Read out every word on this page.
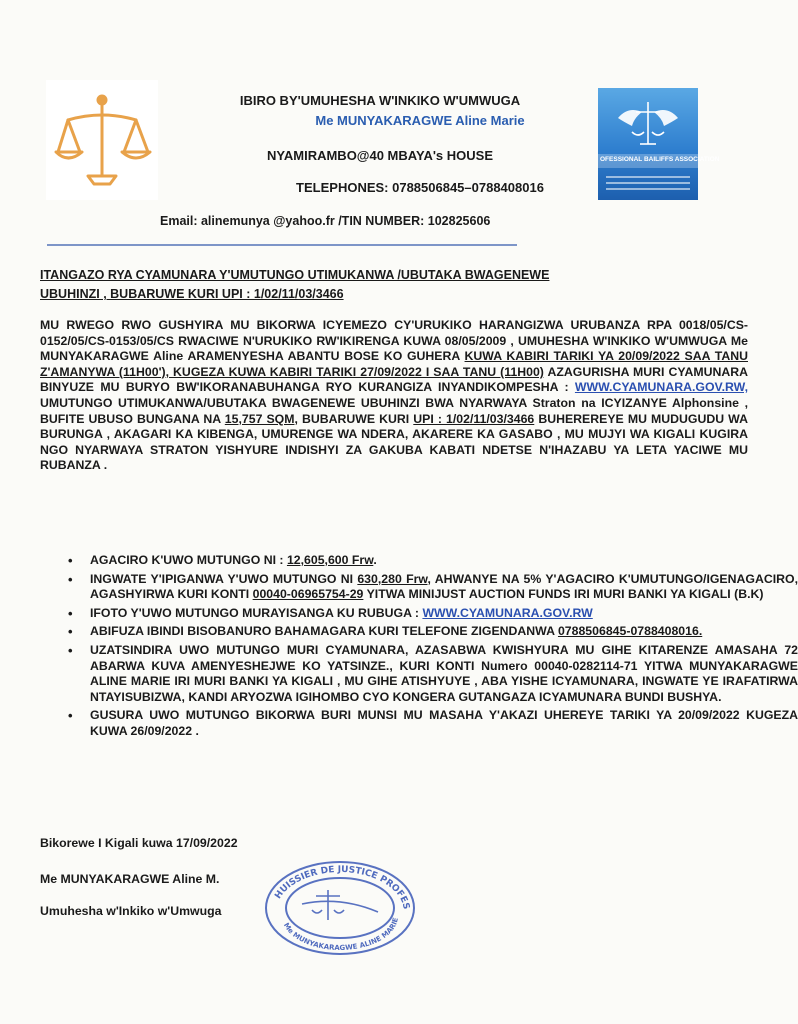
OFESSIONAL BAILIFFS ASSOCIATION
IBIRO BY'UMUHESHA W'INKIKO W'UMWUGA
Me MUNYAKARAGWE Aline Marie
NYAMIRAMBO@40 MBAYA's HOUSE
TELEPHONES: 0788506845–0788408016
Email: alinemunya @yahoo.fr /TIN NUMBER: 102825606
ITANGAZO RYA CYAMUNARA Y'UMUTUNGO UTIMUKANWA /UBUTAKA BWAGENEWE
UBUHINZI , BUBARUWE KURI UPI : 1/02/11/03/3466
MU RWEGO RWO GUSHYIRA MU BIKORWA ICYEMEZO CY'URUKIKO HARANGIZWA URUBANZA RPA 0018/05/CS-0152/05/CS-0153/05/CS RWACIWE N'URUKIKO RW'IKIRENGA KUWA 08/05/2009 , UMUHESHA W'INKIKO W'UMWUGA Me MUNYAKARAGWE Aline ARAMENYESHA ABANTU BOSE KO GUHERA KUWA KABIRI TARIKI YA 20/09/2022 SAA TANU Z'AMANYWA (11H00'), KUGEZA KUWA KABIRI TARIKI 27/09/2022 I SAA TANU (11H00) AZAGURISHA MURI CYAMUNARA BINYUZE MU BURYO BW'IKORANABUHANGA RYO KURANGIZA INYANDIKOMPESHA : WWW.CYAMUNARA.GOV.RW, UMUTUNGO UTIMUKANWA/UBUTAKA BWAGENEWE UBUHINZI BWA NYARWAYA Straton na ICYIZANYE Alphonsine , BUFITE UBUSO BUNGANA NA 15,757 SQM, BUBARUWE KURI UPI : 1/02/11/03/3466 BUHEREREYE MU MUDUGUDU WA BURUNGA , AKAGARI KA KIBENGA, UMURENGE WA NDERA, AKARERE KA GASABO , MU MUJYI WA KIGALI KUGIRA NGO NYARWAYA STRATON YISHYURE INDISHYI ZA GAKUBA KABATI NDETSE N'IHAZABU YA LETA YACIWE MU RUBANZA .
• AGACIRO K'UWO MUTUNGO NI : 12,605,600 Frw.
• INGWATE Y'IPIGANWA Y'UWO MUTUNGO NI 630,280 Frw, AHWANYE NA 5% Y'AGACIRO K'UMUTUNGO/IGENAGACIRO, AGASHYIRWA KURI KONTI 00040-06965754-29 YITWA MINIJUST AUCTION FUNDS IRI MURI BANKI YA KIGALI (B.K)
• IFOTO Y'UWO MUTUNGO MURAYISANGA KU RUBUGA : WWW.CYAMUNARA.GOV.RW
• ABIFUZA IBINDI BISOBANURO BAHAMAGARA KURI TELEFONE ZIGENDANWA 0788506845-0788408016.
• UZATSINDIRA UWO MUTUNGO MURI CYAMUNARA, AZASABWA KWISHYURA MU GIHE KITARENZE AMASAHA 72 ABARWA KUVA AMENYESHEJWE KO YATSINZE., KURI KONTI Numero 00040-0282114-71 YITWA MUNYAKARAGWE ALINE MARIE IRI MURI BANKI YA KIGALI , MU GIHE ATISHYUYE , ABA YISHE ICYAMUNARA, INGWATE YE IRAFATIRWA NTAYISUBIZWA, KANDI ARYOZWA IGIHOMBO CYO KONGERA GUTANGAZA ICYAMUNARA BUNDI BUSHYA.
• GUSURA UWO MUTUNGO BIKORWA BURI MUNSI MU MASAHA Y'AKAZI UHEREYE TARIKI YA 20/09/2022 KUGEZA KUWA 26/09/2022 .
Bikorewe I Kigali kuwa 17/09/2022
Me MUNYAKARAGWE Aline M.
Umuhesha w'Inkiko w'Umwuga
HUISSIER DE JUSTICE PROFES
Me MUNYAKARAGWE ALINE MARIE
